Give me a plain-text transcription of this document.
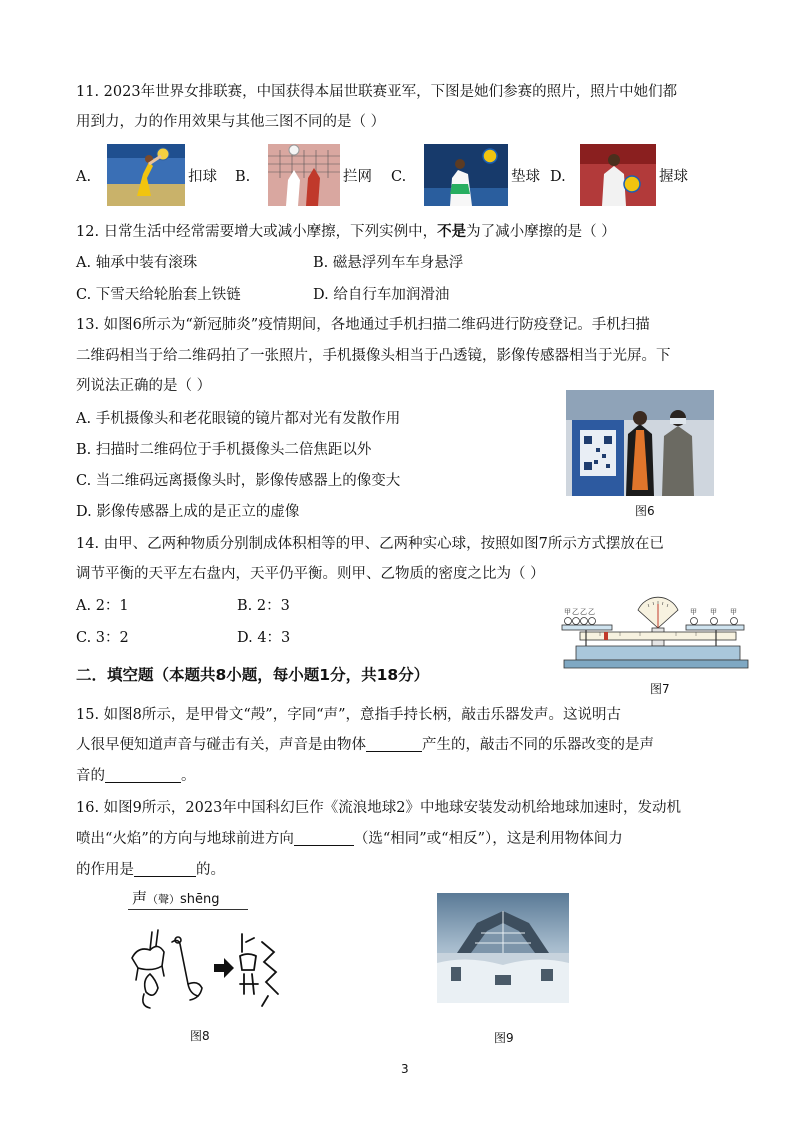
11. 2023年世界女排联赛，中国获得本届世联赛亚军，下图是她们参赛的照片，照片中她们都
用到力，力的作用效果与其他三图不同的是（ ）
A.	扣球 B.	拦网 C.	垫球 D.	握球
12. 日常生活中经常需要增大或减小摩擦，下列实例中，不是为了减小摩擦的是（ ）
A. 轴承中装有滚珠	B. 磁悬浮列车车身悬浮
C. 下雪天给轮胎套上铁链	D. 给自行车加润滑油
13. 如图6所示为“新冠肺炎”疫情期间，各地通过手机扫描二维码进行防疫登记。手机扫描
二维码相当于给二维码拍了一张照片，手机摄像头相当于凸透镜，影像传感器相当于光屏。下
列说法正确的是（ ）
A. 手机摄像头和老花眼镜的镜片都对光有发散作用
B. 扫描时二维码位于手机摄像头二倍焦距以外
C. 当二维码远离摄像头时，影像传感器上的像变大
D. 影像传感器上成的是正立的虚像	图6
14. 由甲、乙两种物质分别制成体积相等的甲、乙两种实心球，按照如图7所示方式摆放在已
调节平衡的天平左右盘内，天平仍平衡。则甲、乙物质的密度之比为（ ）
A. 2：1	B. 2：3
C. 3：2	D. 4：3
甲 乙 乙 乙	甲 甲 甲
图7
二．填空题（本题共8小题，每小题1分，共18分）
15. 如图8所示，是甲骨文“殸”，字同“声”，意指手持长柄，敲击乐器发声。这说明古
人很早便知道声音与碰击有关，声音是由物体	产生的，敲击不同的乐器改变的是声
音的	。
16. 如图9所示，2023年中国科幻巨作《流浪地球2》中地球安装发动机给地球加速时，发动机
喷出“火焰”的方向与地球前进方向	（选“相同”或“相反”），这是利用物体间力
的作用是	的。
声（聲）shēng
图8	图9
3
